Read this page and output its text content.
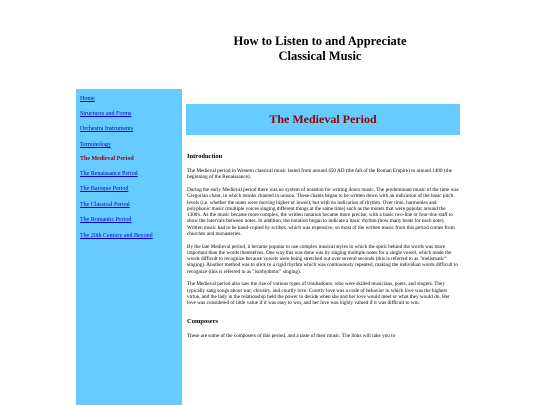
How to Listen to and Appreciate
Classical Music
Home
Structures and Forms
Orchestra Instruments
Terminology
The Medieval Period
The Renaissance Period
The Baroque Period
The Classical Period
The Romantic Period
The 20th Century and Beyond
The Medieval Period
Introduction

The Medieval period in Western classical music lasted from around 450 AD (the fall of the Roman Empire) to around 1400 (the beginning of the Renaissance).

During the early Medieval period there was no system of notation for writing down music. The predominant music of the time was Gregorian chant, in which monks chanted in unison. These chants began to be written down with an indication of the basic pitch levels (i.e. whether the notes were moving higher or lower), but with no indication of rhythm. Over time, harmonies and polyphonic music (multiple voices singing different things at the same time) such as the motets that were popular around the 1300's. As the music became more complex, the written notation became more precise, with a basic two-line or four-line staff to show the intervals between notes. In addition, the notation began to indicate a basic rhythm (how many beats for each note). Written music had to be hand-copied by scribes, which was expensive, so most of the written music from this period comes from churches and monasteries.

By the late Medieval period, it became popular to use complex musical styles in which the spirit behind the words was more important than the words themselves. One way this was done was by singing multiple notes for a single vowel, which made the words difficult to recognize because vowels were being stretched out over several seconds (this is referred to as "melismatic" singing). Another method was to stick to a rigid rhythm which was continuously repeated, making the individual words difficult to recognize (this is referred to as "isorhythmic" singing).

The Medieval period also saw the rise of various types of troubadours, who were skilled musicians, poets, and singers. They typically sang songs about war, chivalry, and courtly love. Courtly love was a code of behavior in which love was the highest virtue, and the lady in the relationship held the power to decide when she and her love would meet or what they would do. Her love was considered of little value if it was easy to win, and her love was highly valued if it was difficult to win.

Composers

These are some of the composers of this period, and a taste of their music. The links will take you to
